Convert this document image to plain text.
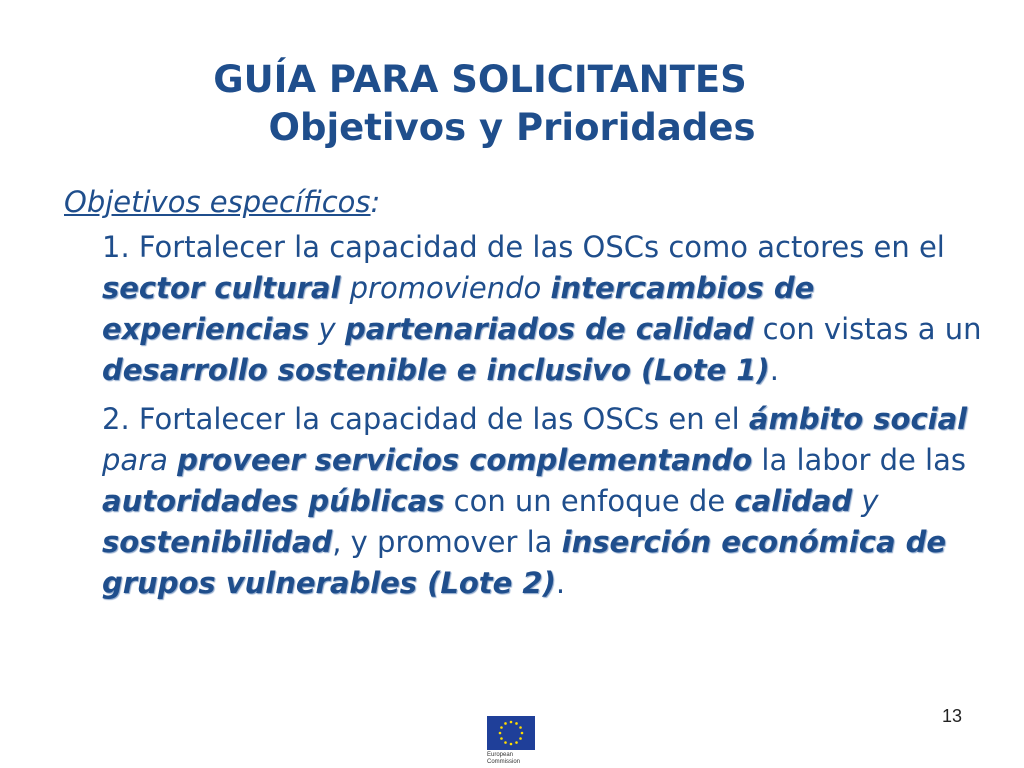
GUÍA PARA SOLICITANTES
Objetivos y Prioridades
Objetivos específicos:
1. Fortalecer la capacidad de las OSCs como actores en el sector cultural promoviendo intercambios de experiencias y partenariados de calidad con vistas a un desarrollo sostenible e inclusivo (Lote 1).
2. Fortalecer la capacidad de las OSCs en el ámbito social para proveer servicios complementando la labor de las autoridades públicas con un enfoque de calidad y sostenibilidad, y promover la inserción económica de grupos vulnerables (Lote 2).
13
European
Commission
